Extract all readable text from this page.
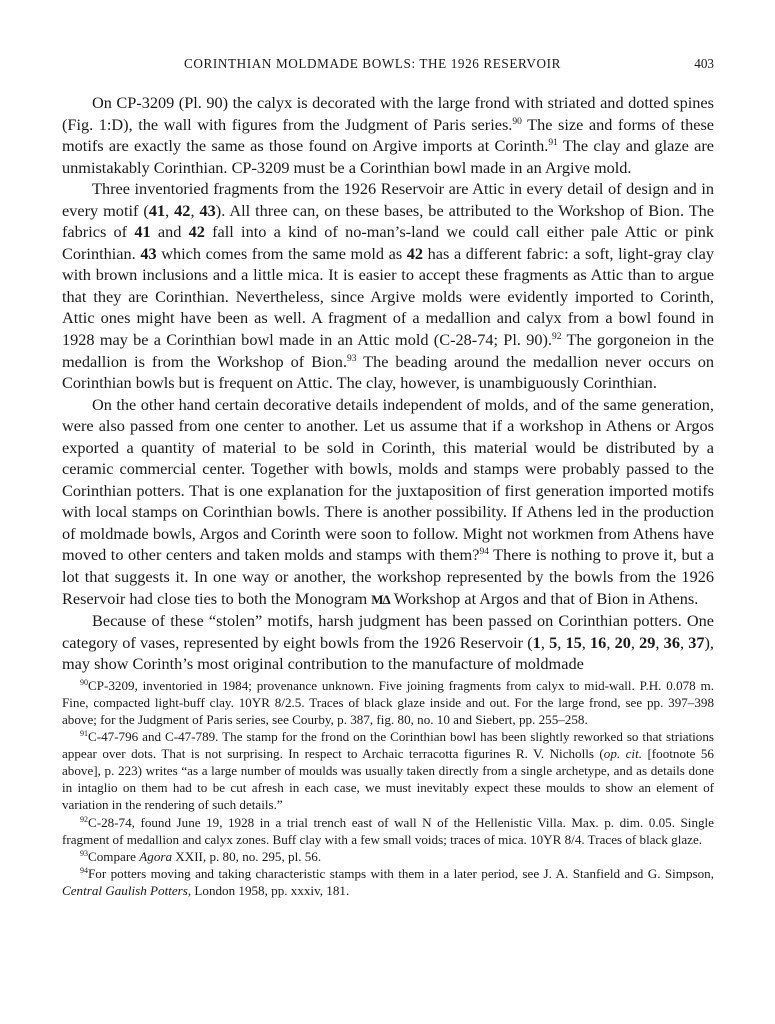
CORINTHIAN MOLDMADE BOWLS: THE 1926 RESERVOIR	403

On CP-3209 (Pl. 90) the calyx is decorated with the large frond with striated and dotted spines (Fig. 1:D), the wall with figures from the Judgment of Paris series.$^{90}$ The size and forms of these motifs are exactly the same as those found on Argive imports at Corinth.$^{91}$ The clay and glaze are unmistakably Corinthian. CP-3209 must be a Corinthian bowl made in an Argive mold.

Three inventoried fragments from the 1926 Reservoir are Attic in every detail of design and in every motif (41, 42, 43). All three can, on these bases, be attributed to the Workshop of Bion. The fabrics of 41 and 42 fall into a kind of no-man’s-land we could call either pale Attic or pink Corinthian. 43 which comes from the same mold as 42 has a different fabric: a soft, light-gray clay with brown inclusions and a little mica. It is easier to accept these fragments as Attic than to argue that they are Corinthian. Nevertheless, since Argive molds were evidently imported to Corinth, Attic ones might have been as well. A fragment of a medallion and calyx from a bowl found in 1928 may be a Corinthian bowl made in an Attic mold (C-28-74; Pl. 90).$^{92}$ The gorgoneion in the medallion is from the Workshop of Bion.$^{93}$ The beading around the medallion never occurs on Corinthian bowls but is frequent on Attic. The clay, however, is unambiguously Corinthian.

On the other hand certain decorative details independent of molds, and of the same generation, were also passed from one center to another. Let us assume that if a workshop in Athens or Argos exported a quantity of material to be sold in Corinth, this material would be distributed by a ceramic commercial center. Together with bowls, molds and stamps were probably passed to the Corinthian potters. That is one explanation for the juxtaposition of first generation imported motifs with local stamps on Corinthian bowls. There is another possibility. If Athens led in the production of moldmade bowls, Argos and Corinth were soon to follow. Might not workmen from Athens have moved to other centers and taken molds and stamps with them?$^{94}$ There is nothing to prove it, but a lot that suggests it. In one way or another, the workshop represented by the bowls from the 1926 Reservoir had close ties to both the Monogram ΜΔ Workshop at Argos and that of Bion in Athens.

Because of these “stolen” motifs, harsh judgment has been passed on Corinthian potters. One category of vases, represented by eight bowls from the 1926 Reservoir (1, 5, 15, 16, 20, 29, 36, 37), may show Corinth’s most original contribution to the manufacture of moldmade

$^{90}$CP-3209, inventoried in 1984; provenance unknown. Five joining fragments from calyx to mid-wall. P.H. 0.078 m. Fine, compacted light-buff clay. 10YR 8/2.5. Traces of black glaze inside and out. For the large frond, see pp. 397–398 above; for the Judgment of Paris series, see Courby, p. 387, fig. 80, no. 10 and Siebert, pp. 255–258.

$^{91}$C-47-796 and C-47-789. The stamp for the frond on the Corinthian bowl has been slightly reworked so that striations appear over dots. That is not surprising. In respect to Archaic terracotta figurines R. V. Nicholls (op. cit. [footnote 56 above], p. 223) writes “as a large number of moulds was usually taken directly from a single archetype, and as details done in intaglio on them had to be cut afresh in each case, we must inevitably expect these moulds to show an element of variation in the rendering of such details.”

$^{92}$C-28-74, found June 19, 1928 in a trial trench east of wall N of the Hellenistic Villa. Max. p. dim. 0.05. Single fragment of medallion and calyx zones. Buff clay with a few small voids; traces of mica. 10YR 8/4. Traces of black glaze.

$^{93}$Compare Agora XXII, p. 80, no. 295, pl. 56.

$^{94}$For potters moving and taking characteristic stamps with them in a later period, see J. A. Stanfield and G. Simpson, Central Gaulish Potters, London 1958, pp. xxxiv, 181.
